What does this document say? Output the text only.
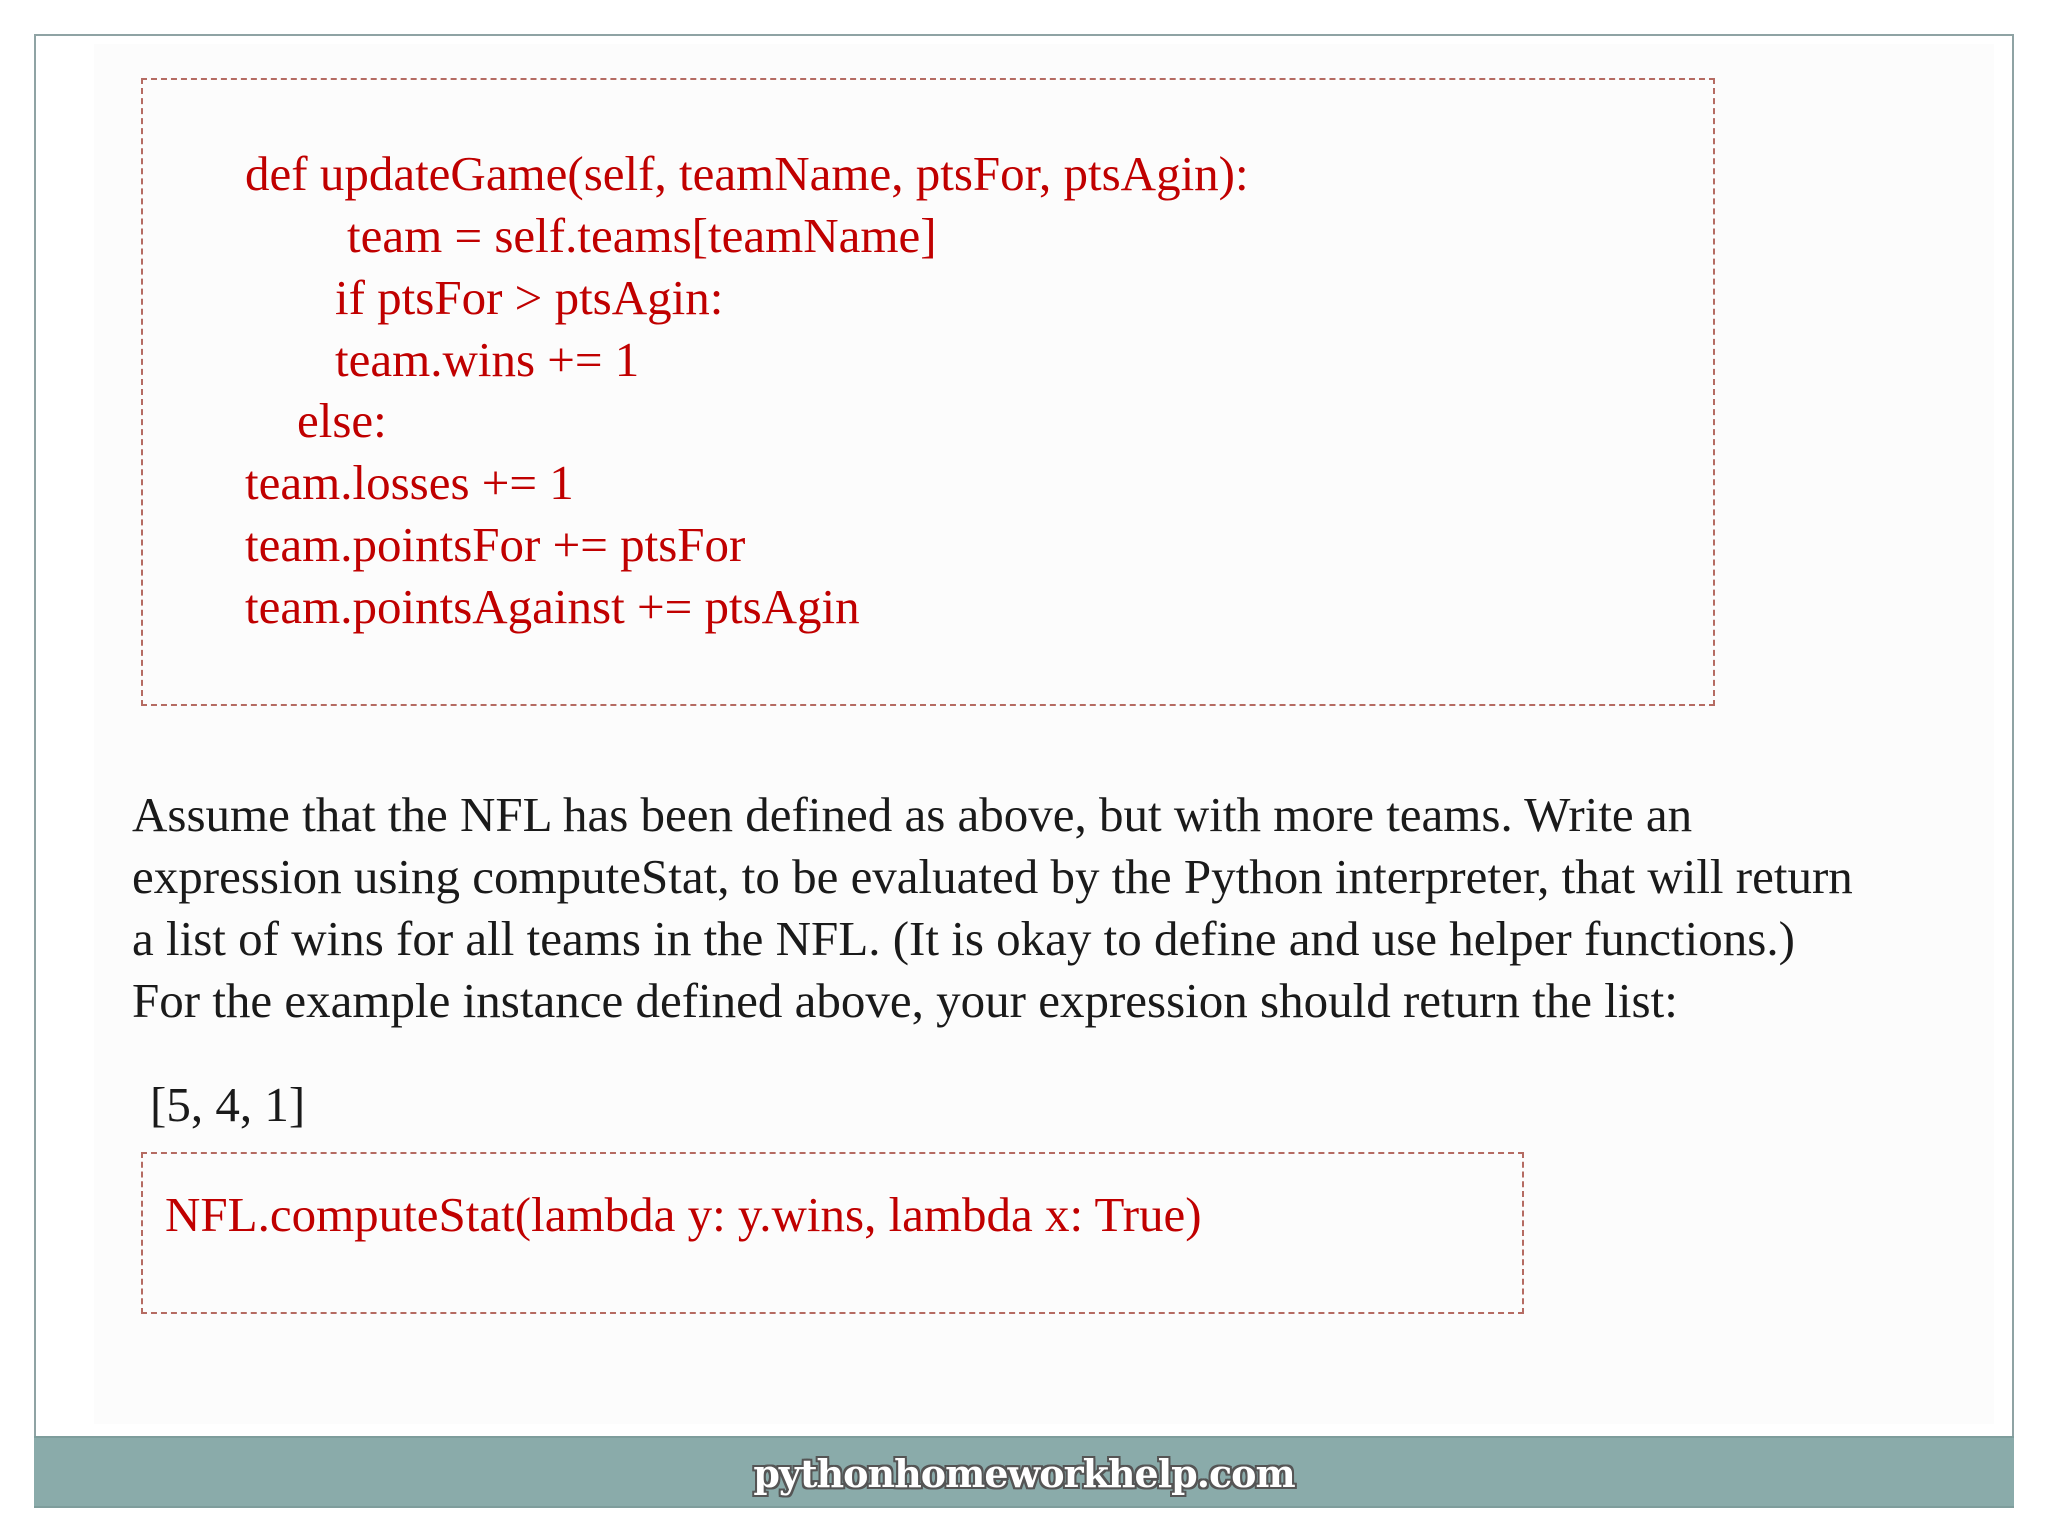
def updateGame(self, teamName, ptsFor, ptsAgin):
team = self.teams[teamName]
if ptsFor > ptsAgin:
team.wins += 1
else:
team.losses += 1
team.pointsFor += ptsFor
team.pointsAgainst += ptsAgin
Assume that the NFL has been defined as above, but with more teams. Write an
expression using computeStat, to be evaluated by the Python interpreter, that will return
a list of wins for all teams in the NFL. (It is okay to define and use helper functions.)
For the example instance defined above, your expression should return the list:
[5, 4, 1]
NFL.computeStat(lambda y: y.wins, lambda x: True)
pythonhomeworkhelp.com
